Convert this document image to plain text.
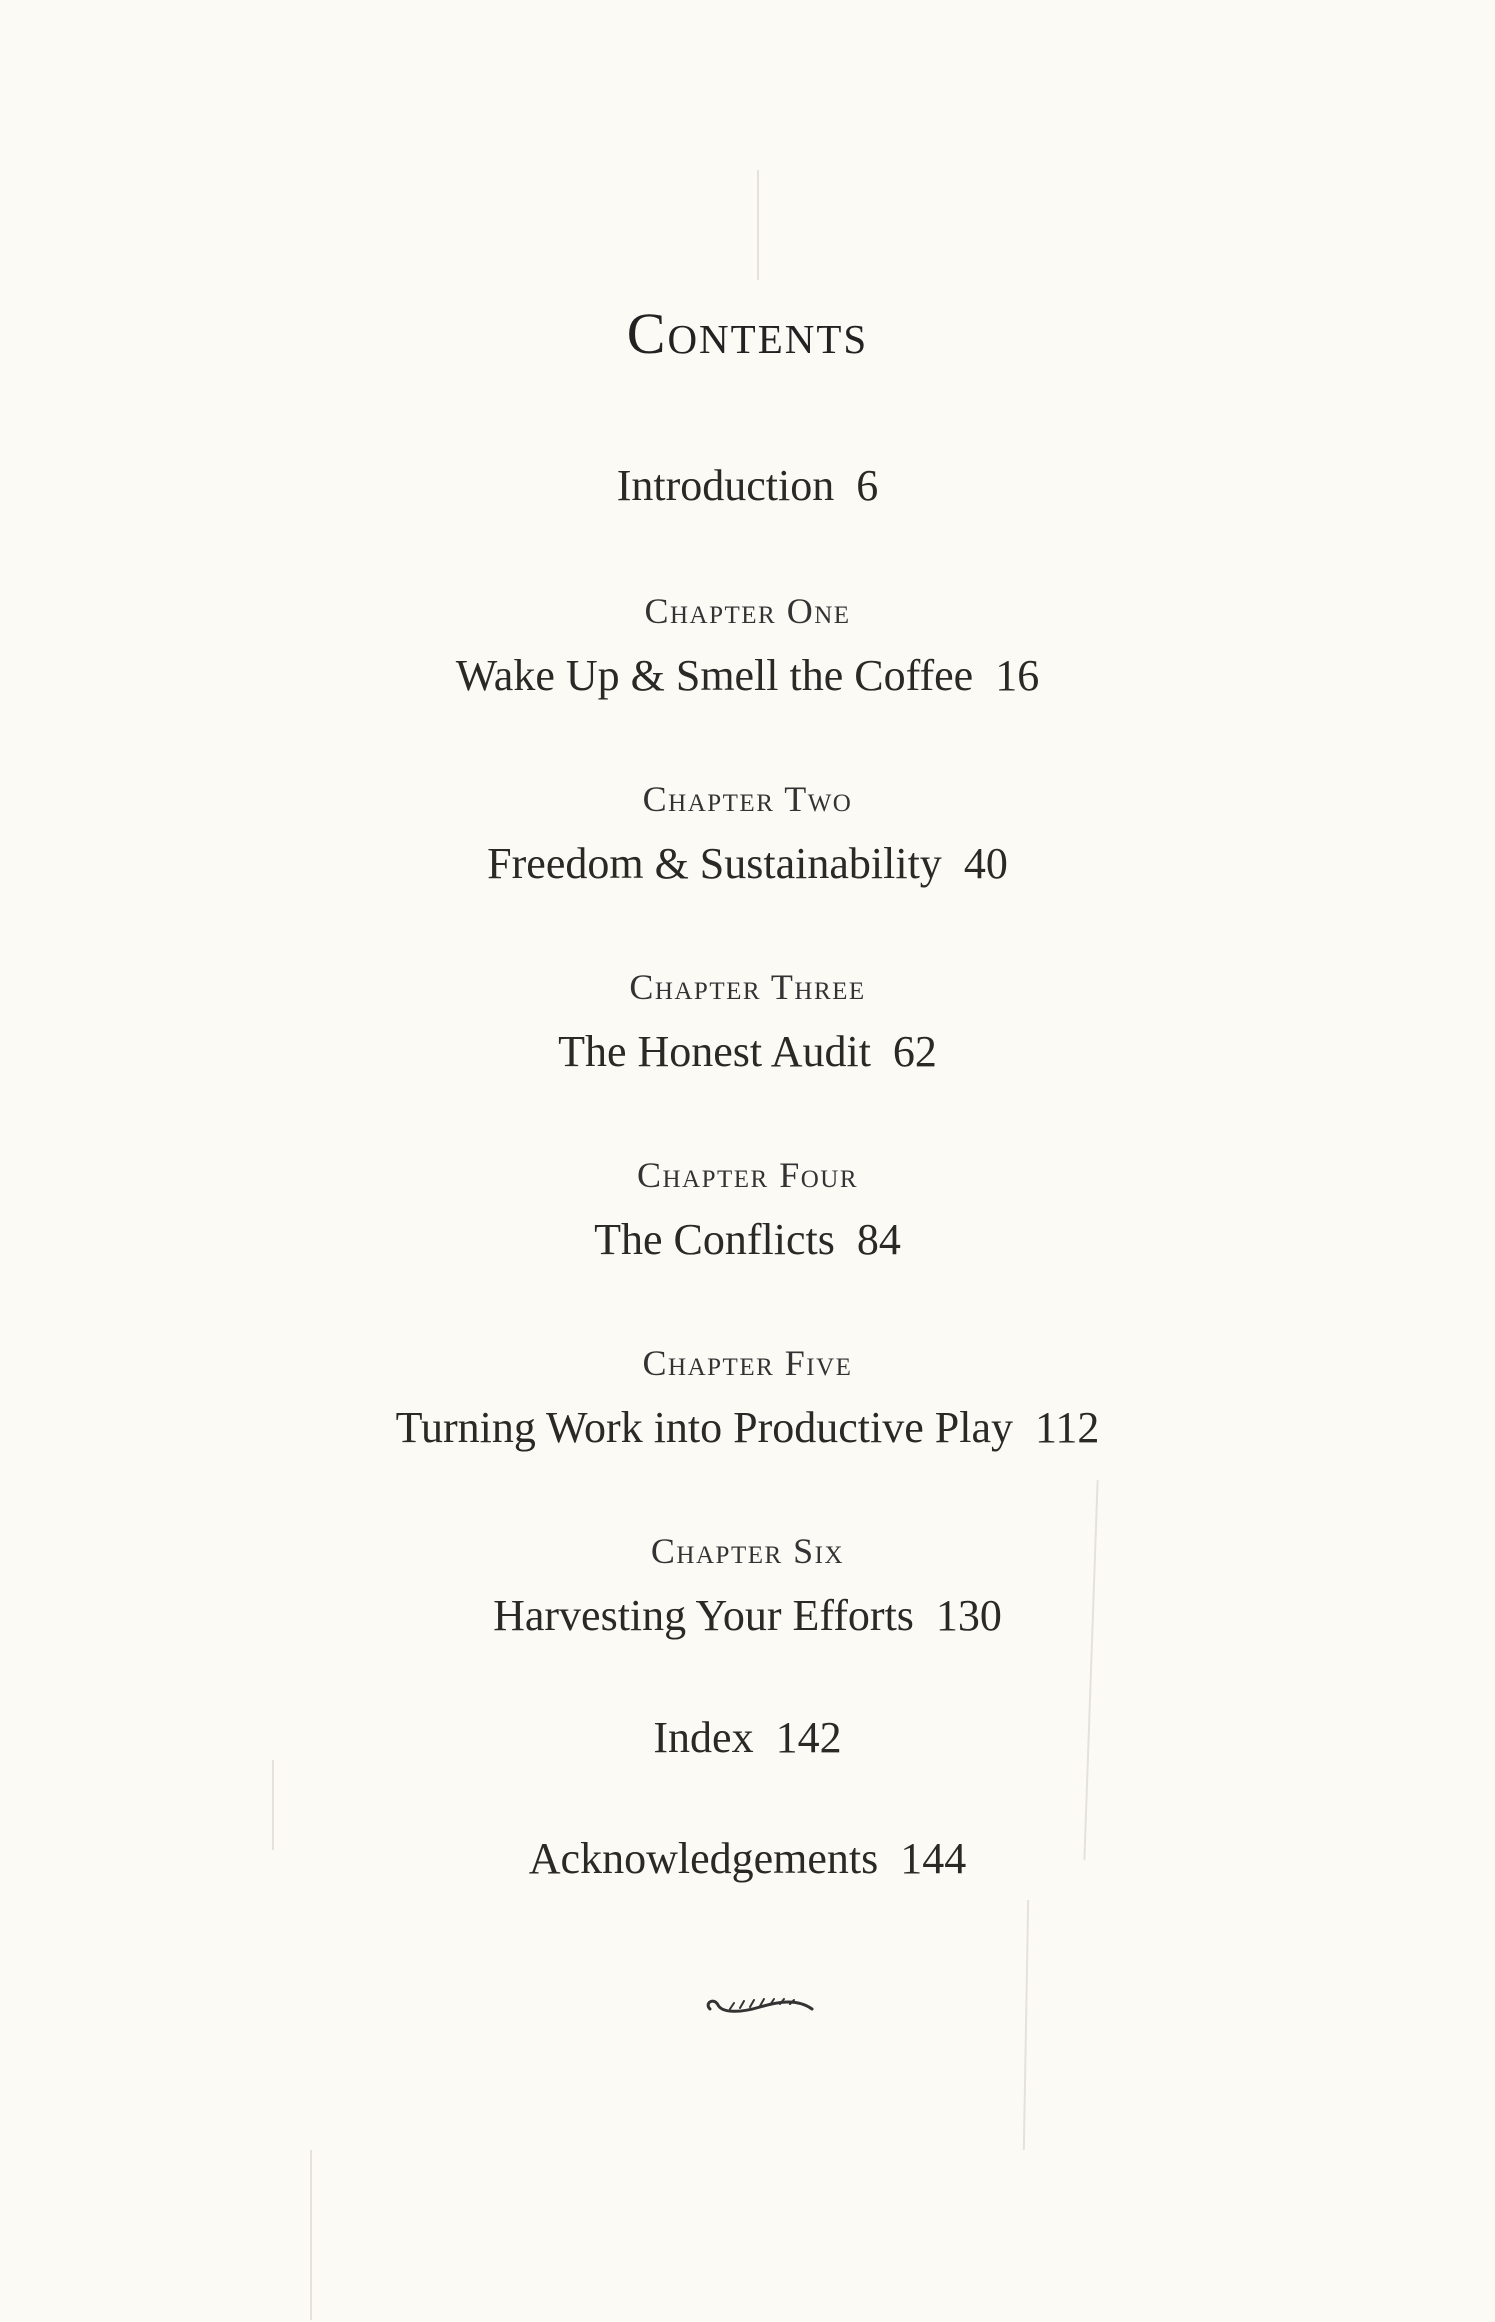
Contents
Introduction 6
Chapter One
Wake Up & Smell the Coffee 16
Chapter Two
Freedom & Sustainability 40
Chapter Three
The Honest Audit 62
Chapter Four
The Conflicts 84
Chapter Five
Turning Work into Productive Play 112
Chapter Six
Harvesting Your Efforts 130
Index 142
Acknowledgements 144
